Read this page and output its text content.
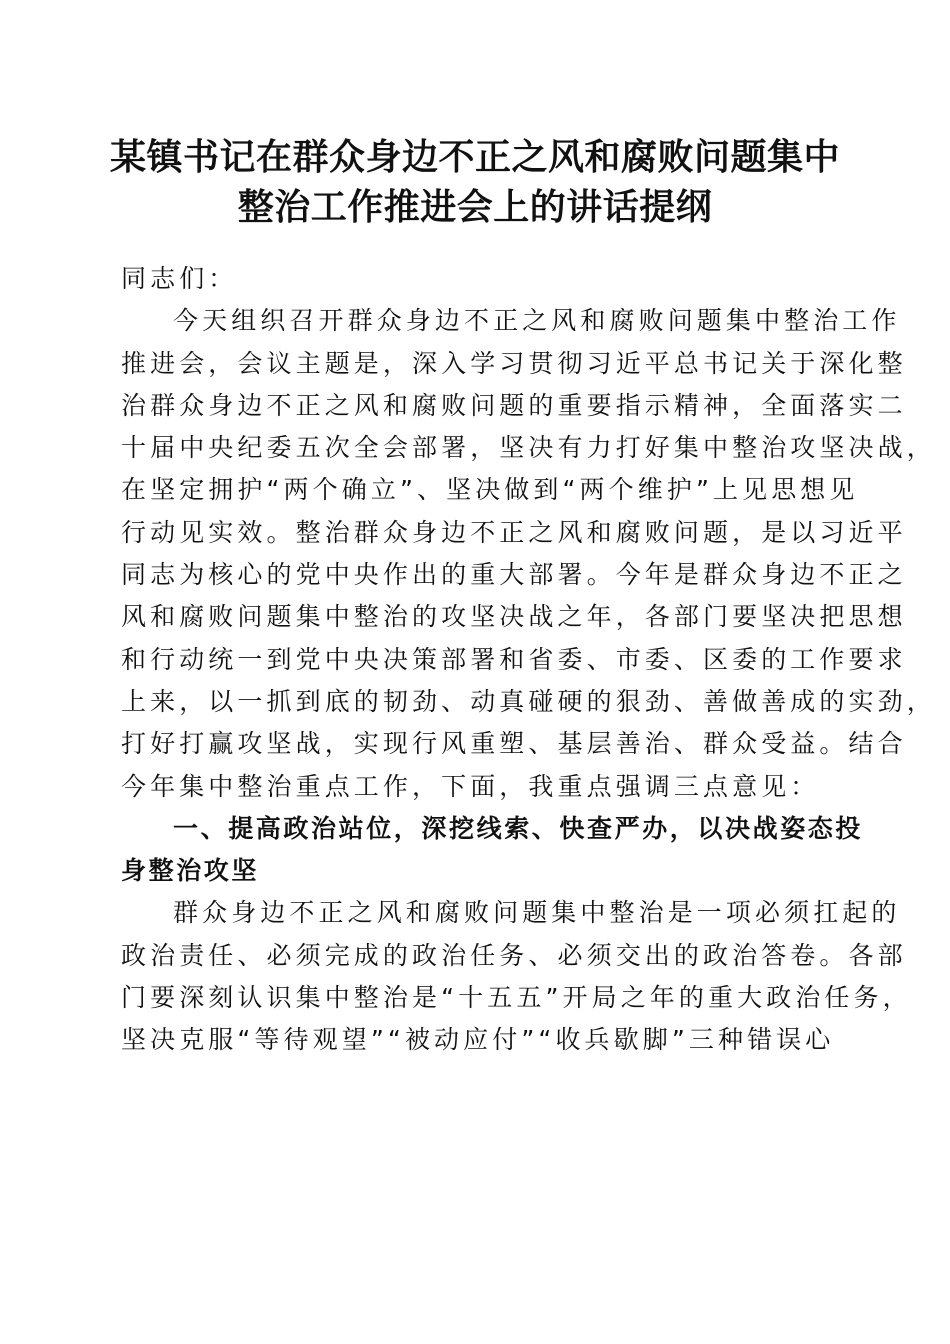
某镇书记在群众身边不正之风和腐败问题集中
整治工作推进会上的讲话提纲
同志们：
今天组织召开群众身边不正之风和腐败问题集中整治工作
推进会，会议主题是，深入学习贯彻习近平总书记关于深化整
治群众身边不正之风和腐败问题的重要指示精神，全面落实二
十届中央纪委五次全会部署，坚决有力打好集中整治攻坚决战，
在坚定拥护“两个确立”、坚决做到“两个维护”上见思想见
行动见实效。整治群众身边不正之风和腐败问题，是以习近平
同志为核心的党中央作出的重大部署。今年是群众身边不正之
风和腐败问题集中整治的攻坚决战之年，各部门要坚决把思想
和行动统一到党中央决策部署和省委、市委、区委的工作要求
上来，以一抓到底的韧劲、动真碰硬的狠劲、善做善成的实劲，
打好打赢攻坚战，实现行风重塑、基层善治、群众受益。结合
今年集中整治重点工作，下面，我重点强调三点意见：
一、提高政治站位，深挖线索、快查严办，以决战姿态投
身整治攻坚
群众身边不正之风和腐败问题集中整治是一项必须扛起的
政治责任、必须完成的政治任务、必须交出的政治答卷。各部
门要深刻认识集中整治是“十五五”开局之年的重大政治任务，
坚决克服“等待观望”“被动应付”“收兵歇脚”三种错误心
